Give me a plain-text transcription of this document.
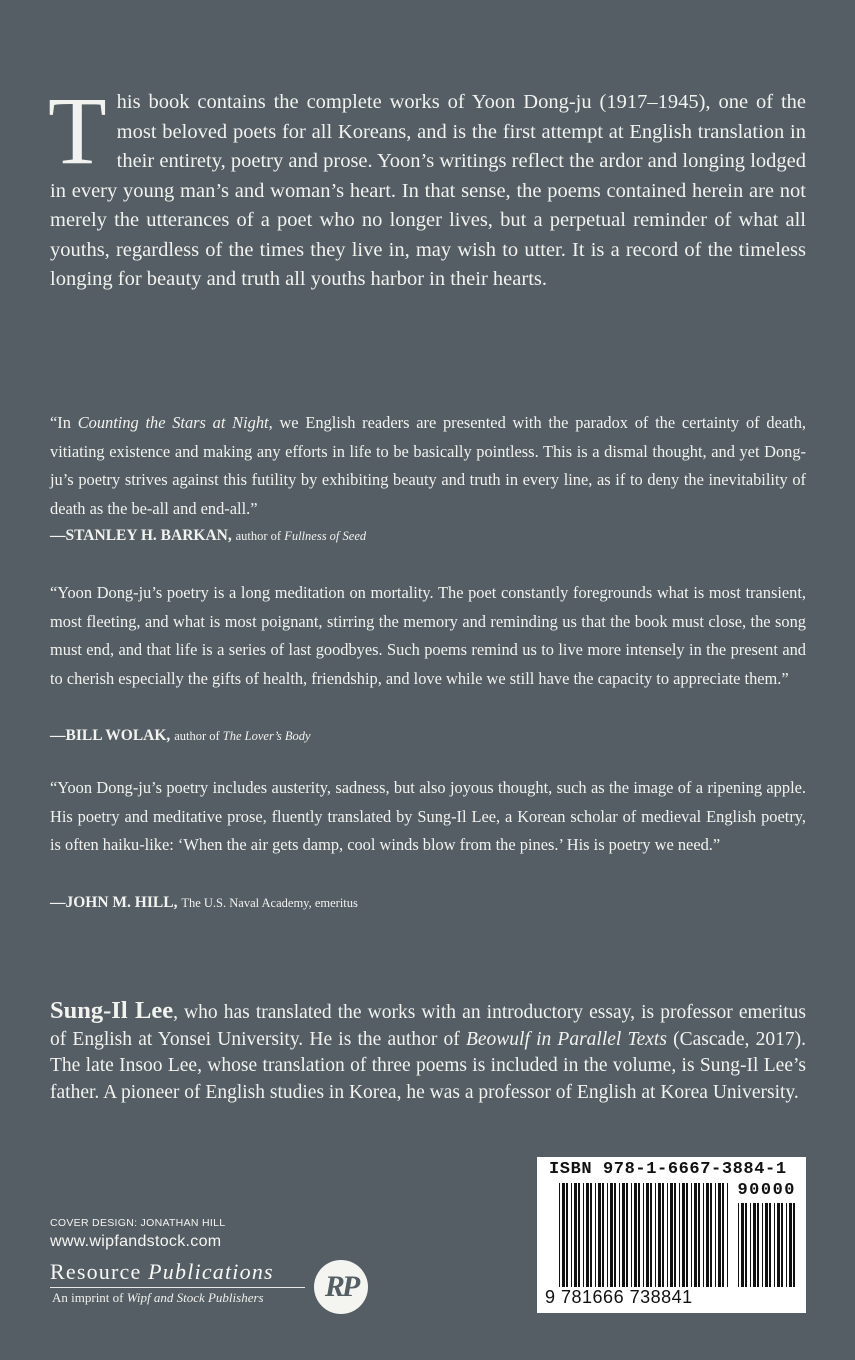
This book contains the complete works of Yoon Dong-ju (1917–1945), one of the most beloved poets for all Koreans, and is the first attempt at English translation in their entirety, poetry and prose. Yoon’s writings reflect the ardor and longing lodged in every young man’s and woman’s heart. In that sense, the poems contained herein are not merely the utterances of a poet who no longer lives, but a perpetual reminder of what all youths, regardless of the times they live in, may wish to utter. It is a record of the timeless longing for beauty and truth all youths harbor in their hearts.

“In Counting the Stars at Night, we English readers are presented with the paradox of the certainty of death, vitiating existence and making any efforts in life to be basically pointless. This is a dismal thought, and yet Dong-ju’s poetry strives against this futility by exhibiting beauty and truth in every line, as if to deny the inevitability of death as the be-all and end-all.”

—STANLEY H. BARKAN, author of Fullness of Seed

“Yoon Dong-ju’s poetry is a long meditation on mortality. The poet constantly foregrounds what is most transient, most fleeting, and what is most poignant, stirring the memory and reminding us that the book must close, the song must end, and that life is a series of last goodbyes. Such poems remind us to live more intensely in the present and to cherish especially the gifts of health, friendship, and love while we still have the capacity to appreciate them.”

—BILL WOLAK, author of The Lover’s Body

“Yoon Dong-ju’s poetry includes austerity, sadness, but also joyous thought, such as the image of a ripening apple. His poetry and meditative prose, fluently translated by Sung-Il Lee, a Korean scholar of medieval English poetry, is often haiku-like: ‘When the air gets damp, cool winds blow from the pines.’ His is poetry we need.”

—JOHN M. HILL, The U.S. Naval Academy, emeritus

Sung-Il Lee, who has translated the works with an introductory essay, is professor emeritus of English at Yonsei University. He is the author of Beowulf in Parallel Texts (Cascade, 2017). The late Insoo Lee, whose translation of three poems is included in the volume, is Sung-Il Lee’s father. A pioneer of English studies in Korea, he was a professor of English at Korea University.

COVER DESIGN: JONATHAN HILL

www.wipfandstock.com

Resource Publications

An imprint of Wipf and Stock Publishers RP

ISBN 978-1-6667-3884-1

90000

9 781666 738841
